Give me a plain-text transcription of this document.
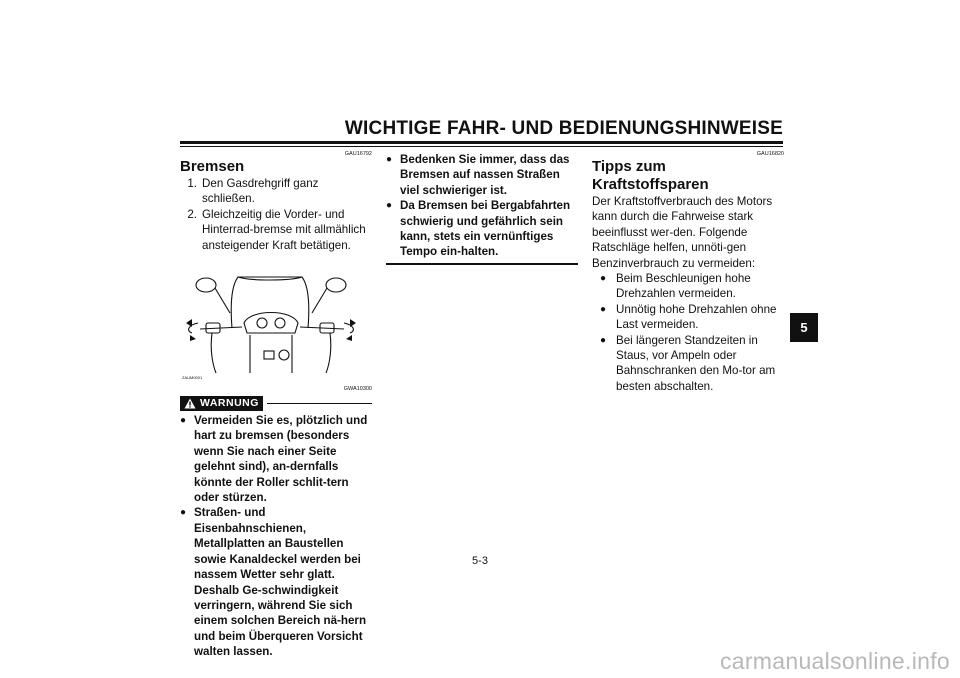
WICHTIGE FAHR- UND BEDIENUNGSHINWEISE
GAU16792
Bremsen
1. Den Gasdrehgriff ganz schließen.
2. Gleichzeitig die Vorder- und Hinterrad-bremse mit allmählich ansteigender Kraft betätigen.
ZAUM0001
GWA10300
WARNUNG
● Vermeiden Sie es, plötzlich und hart zu bremsen (besonders wenn Sie nach einer Seite gelehnt sind), an-dernfalls könnte der Roller schlit-tern oder stürzen.
● Straßen- und Eisenbahnschienen, Metallplatten an Baustellen sowie Kanaldeckel werden bei nassem Wetter sehr glatt. Deshalb Ge-schwindigkeit verringern, während Sie sich einem solchen Bereich nä-hern und beim Überqueren Vorsicht walten lassen.
● Bedenken Sie immer, dass das Bremsen auf nassen Straßen viel schwieriger ist.
● Da Bremsen bei Bergabfahrten schwierig und gefährlich sein kann, stets ein vernünftiges Tempo ein-halten.
GAU16820
Tipps zum Kraftstoffsparen

Der Kraftstoffverbrauch des Motors kann durch die Fahrweise stark beeinflusst wer-den. Folgende Ratschläge helfen, unnöti-gen Benzinverbrauch zu vermeiden:

● Beim Beschleunigen hohe Drehzahlen vermeiden.
● Unnötig hohe Drehzahlen ohne Last vermeiden.
● Bei längeren Standzeiten in Staus, vor Ampeln oder Bahnschranken den Mo-tor am besten abschalten.
5
5-3
carmanualsonline.info
